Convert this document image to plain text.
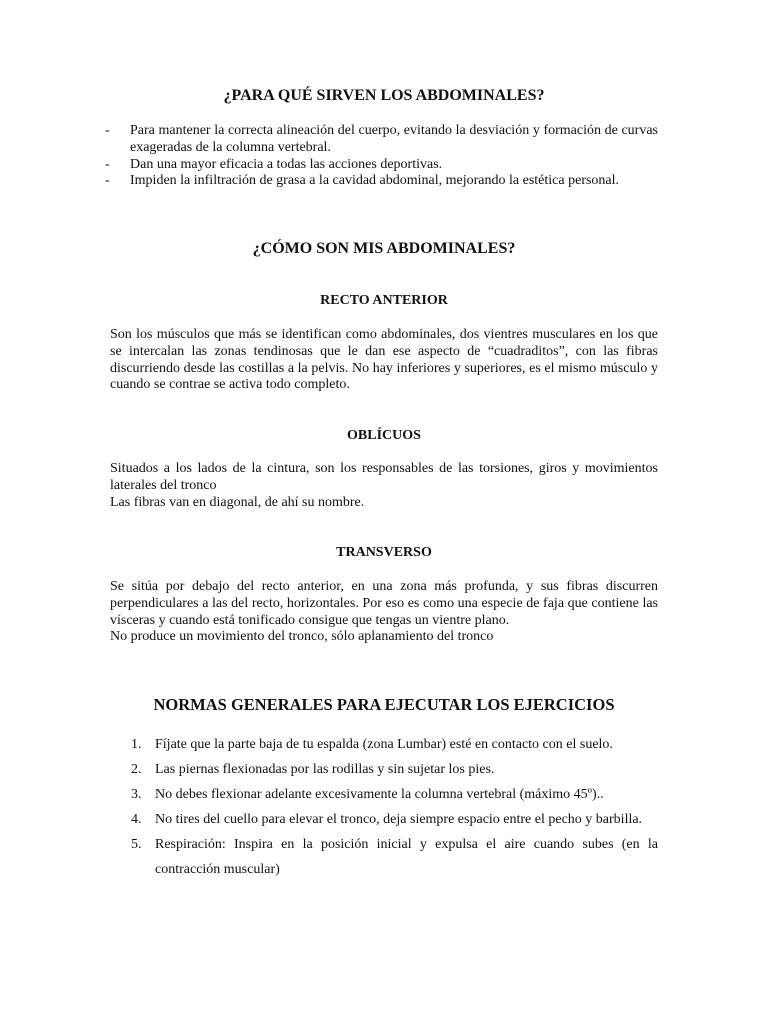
¿PARA QUÉ SIRVEN LOS ABDOMINALES?
- Para mantener la correcta alineación del cuerpo, evitando la desviación y formación de curvas exageradas de la columna vertebral.
- Dan una mayor eficacia a todas las acciones deportivas.
- Impiden la infiltración de grasa a la cavidad abdominal, mejorando la estética personal.
¿CÓMO SON MIS ABDOMINALES?
RECTO ANTERIOR

Son los músculos que más se identifican como abdominales, dos vientres musculares en los que se intercalan las zonas tendinosas que le dan ese aspecto de “cuadraditos”, con las fibras discurriendo desde las costillas a la pelvis. No hay inferiores y superiores, es el mismo músculo y cuando se contrae se activa todo completo.

OBLÍCUOS

Situados a los lados de la cintura, son los responsables de las torsiones, giros y movimientos laterales del tronco
Las fibras van en diagonal, de ahí su nombre.

TRANSVERSO

Se sitúa por debajo del recto anterior, en una zona más profunda, y sus fibras discurren perpendiculares a las del recto, horizontales. Por eso es como una especie de faja que contiene las vísceras y cuando está tonificado consigue que tengas un vientre plano.
No produce un movimiento del tronco, sólo aplanamiento del tronco

NORMAS GENERALES PARA EJECUTAR LOS EJERCICIOS
1. Fíjate que la parte baja de tu espalda (zona Lumbar) esté en contacto con el suelo.
2. Las piernas flexionadas por las rodillas y sin sujetar los pies.
3. No debes flexionar adelante excesivamente la columna vertebral (máximo 45º)..
4. No tires del cuello para elevar el tronco, deja siempre espacio entre el pecho y barbilla.
5. Respiración: Inspira en la posición inicial y expulsa el aire cuando subes (en la contracción muscular)
